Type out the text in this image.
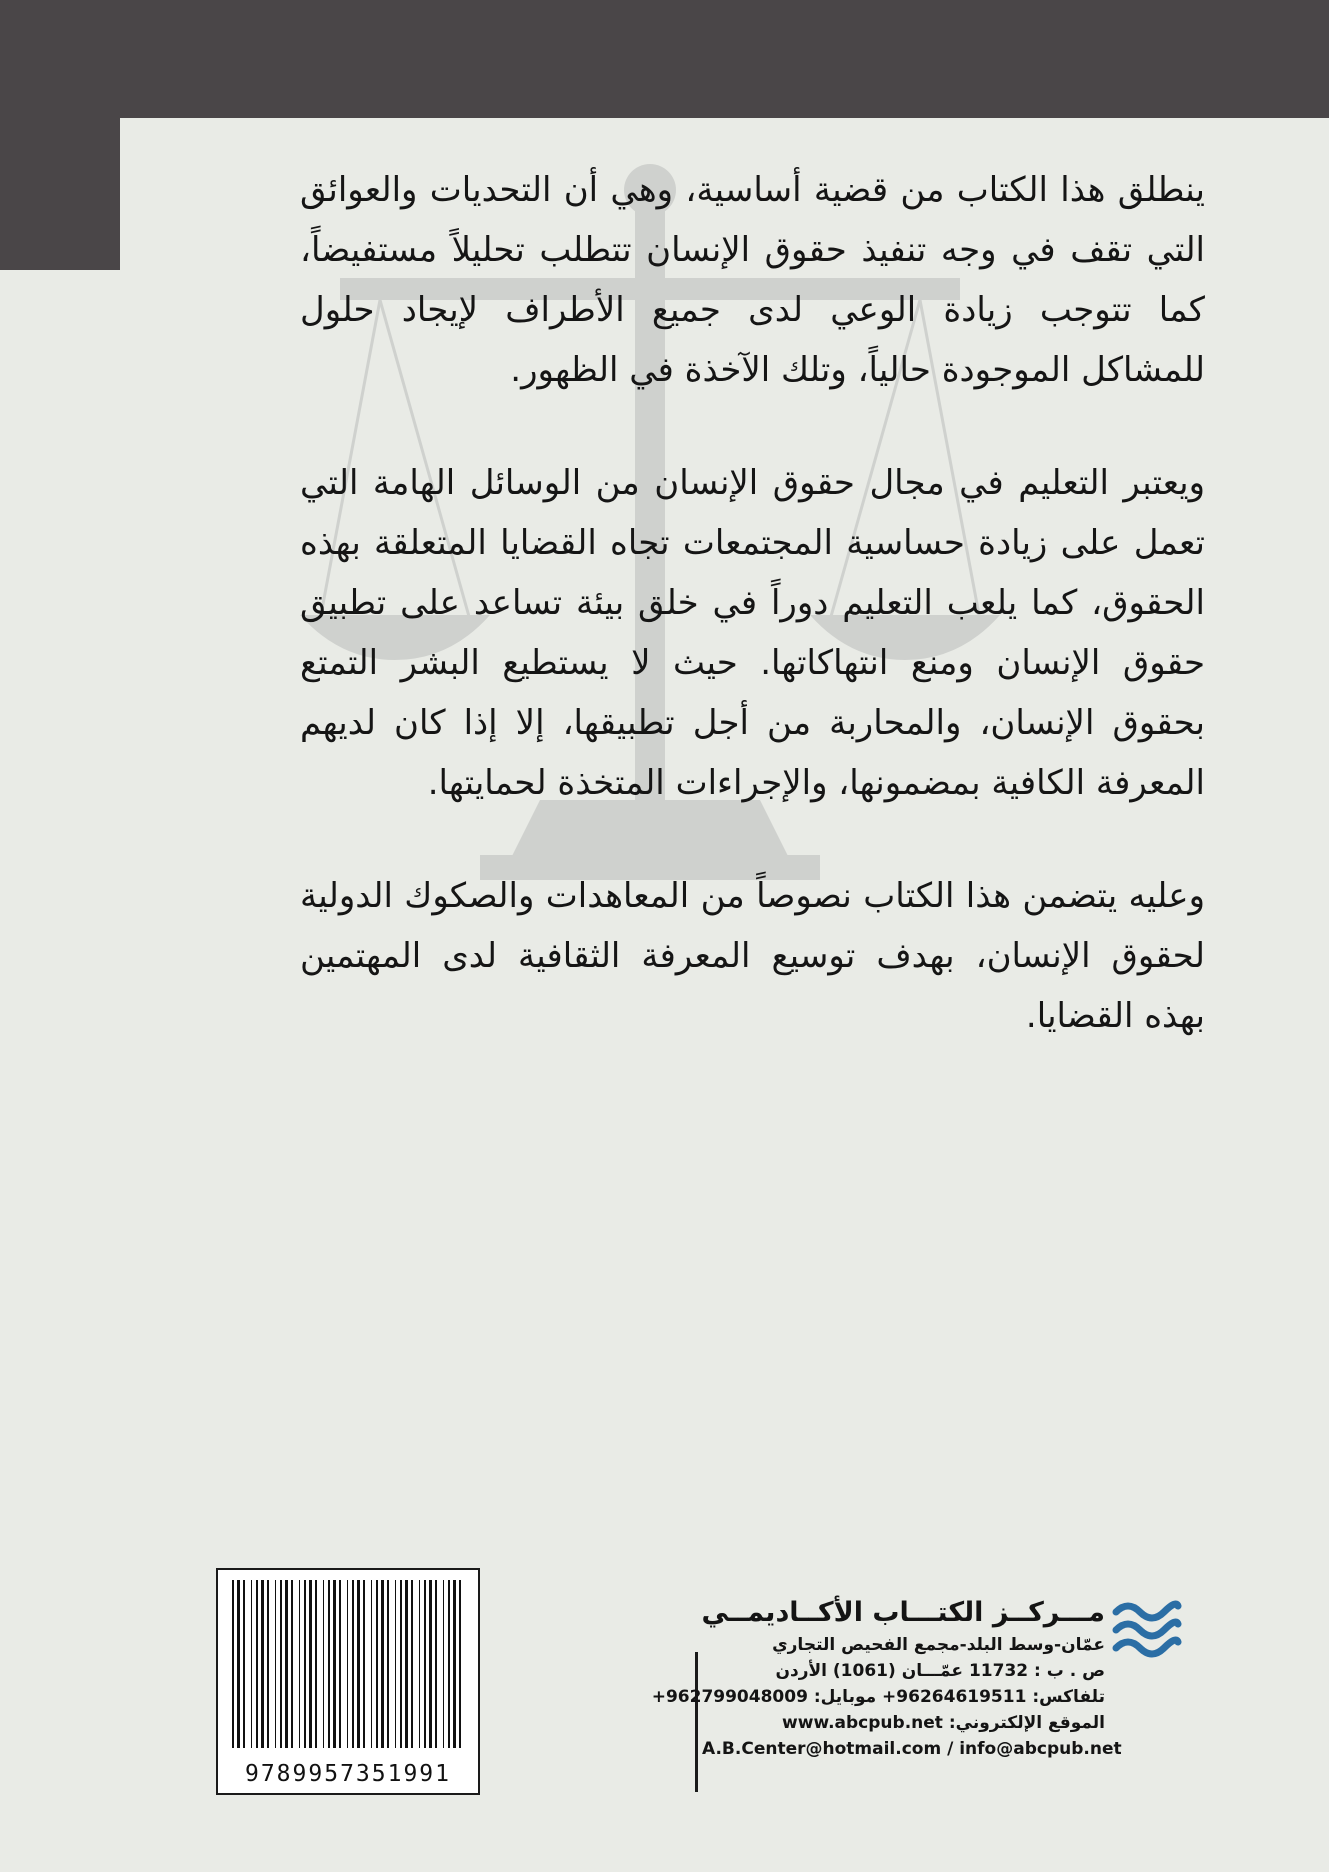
ينطلق هذا الكتاب من قضية أساسية، وهي أن التحديات والعوائق التي تقف في وجه تنفيذ حقوق الإنسان تتطلب تحليلاً مستفيضاً، كما تتوجب زيادة الوعي لدى جميع الأطراف لإيجاد حلول للمشاكل الموجودة حالياً، وتلك الآخذة في الظهور.

ويعتبر التعليم في مجال حقوق الإنسان من الوسائل الهامة التي تعمل على زيادة حساسية المجتمعات تجاه القضايا المتعلقة بهذه الحقوق، كما يلعب التعليم دوراً في خلق بيئة تساعد على تطبيق حقوق الإنسان ومنع انتهاكاتها. حيث لا يستطيع البشر التمتع بحقوق الإنسان، والمحاربة من أجل تطبيقها، إلا إذا كان لديهم المعرفة الكافية بمضمونها، والإجراءات المتخذة لحمايتها.

وعليه يتضمن هذا الكتاب نصوصاً من المعاهدات والصكوك الدولية لحقوق الإنسان، بهدف توسيع المعرفة الثقافية لدى المهتمين بهذه القضايا.

9789957351991
مـــركــز الكتـــاب الأكــاديمــي
عمّان-وسط البلد-مجمع الفحيص التجاري
ص . ب : 11732 عمّـــان (1061) الأردن
تلفاكس: 96264619511+ موبايل: 962799048009+
الموقع الإلكتروني: www.abcpub.net
A.B.Center@hotmail.com / info@abcpub.net
